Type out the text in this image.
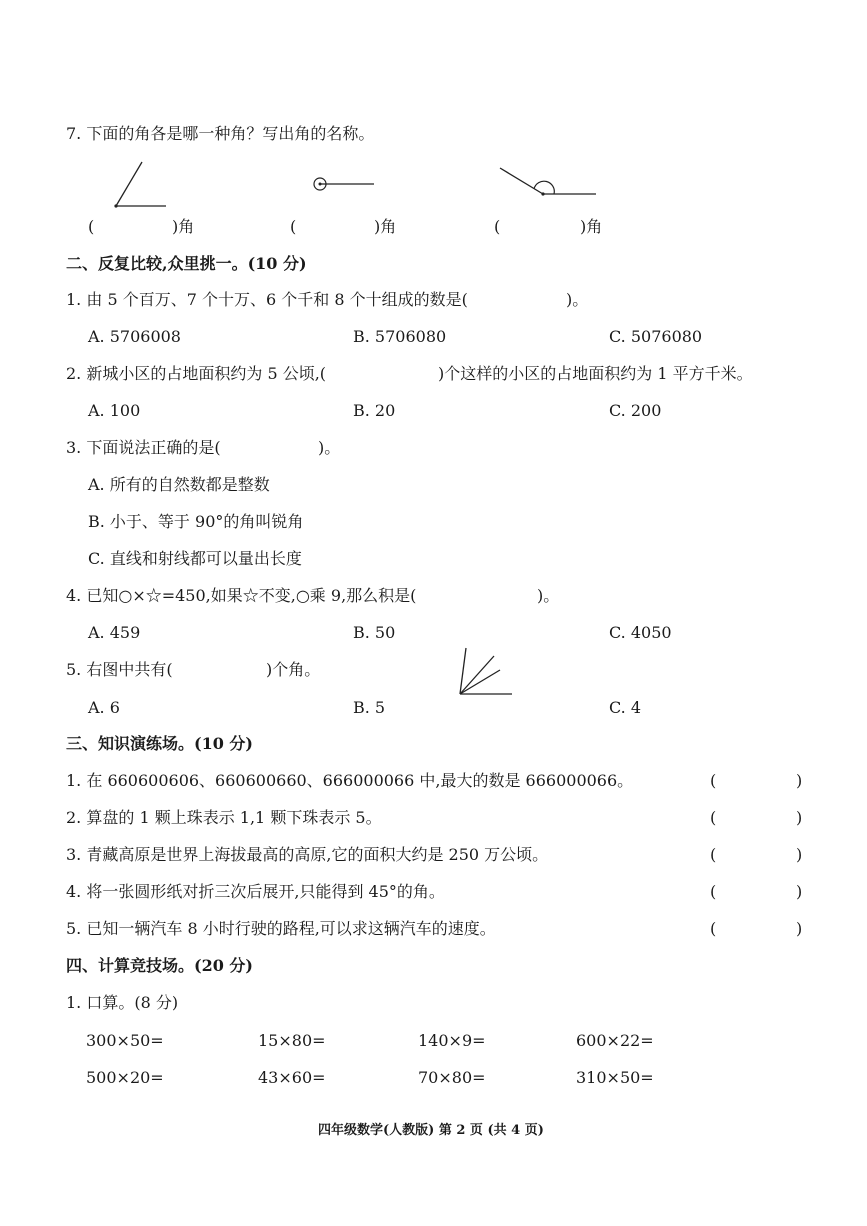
7. 下面的角各是哪一种角？写出角的名称。
(	)角	(	)角	(	)角
二、反复比较,众里挑一。(10 分)
1. 由 5 个百万、7 个十万、6 个千和 8 个十组成的数是(	)。
A. 5706008	B. 5706080	C. 5076080
2. 新城小区的占地面积约为 5 公顷,(	)个这样的小区的占地面积约为 1 平方千米。
A. 100	B. 20	C. 200
3. 下面说法正确的是(	)。
A. 所有的自然数都是整数
B. 小于、等于 90°的角叫锐角
C. 直线和射线都可以量出长度
4. 已知○×☆=450,如果☆不变,○乘 9,那么积是(	)。
A. 459	B. 50	C. 4050
5. 右图中共有(	)个角。
A. 6	B. 5	C. 4
三、知识演练场。(10 分)
1. 在 660600606、660600660、666000066 中,最大的数是 666000066。	(	)
2. 算盘的 1 颗上珠表示 1,1 颗下珠表示 5。	(	)
3. 青藏高原是世界上海拔最高的高原,它的面积大约是 250 万公顷。	(	)
4. 将一张圆形纸对折三次后展开,只能得到 45°的角。	(	)
5. 已知一辆汽车 8 小时行驶的路程,可以求这辆汽车的速度。	(	)
四、计算竞技场。(20 分)
1. 口算。(8 分)
300×50=	15×80=	140×9=	600×22=
500×20=	43×60=	70×80=	310×50=
四年级数学(人教版) 第 2 页 (共 4 页)
